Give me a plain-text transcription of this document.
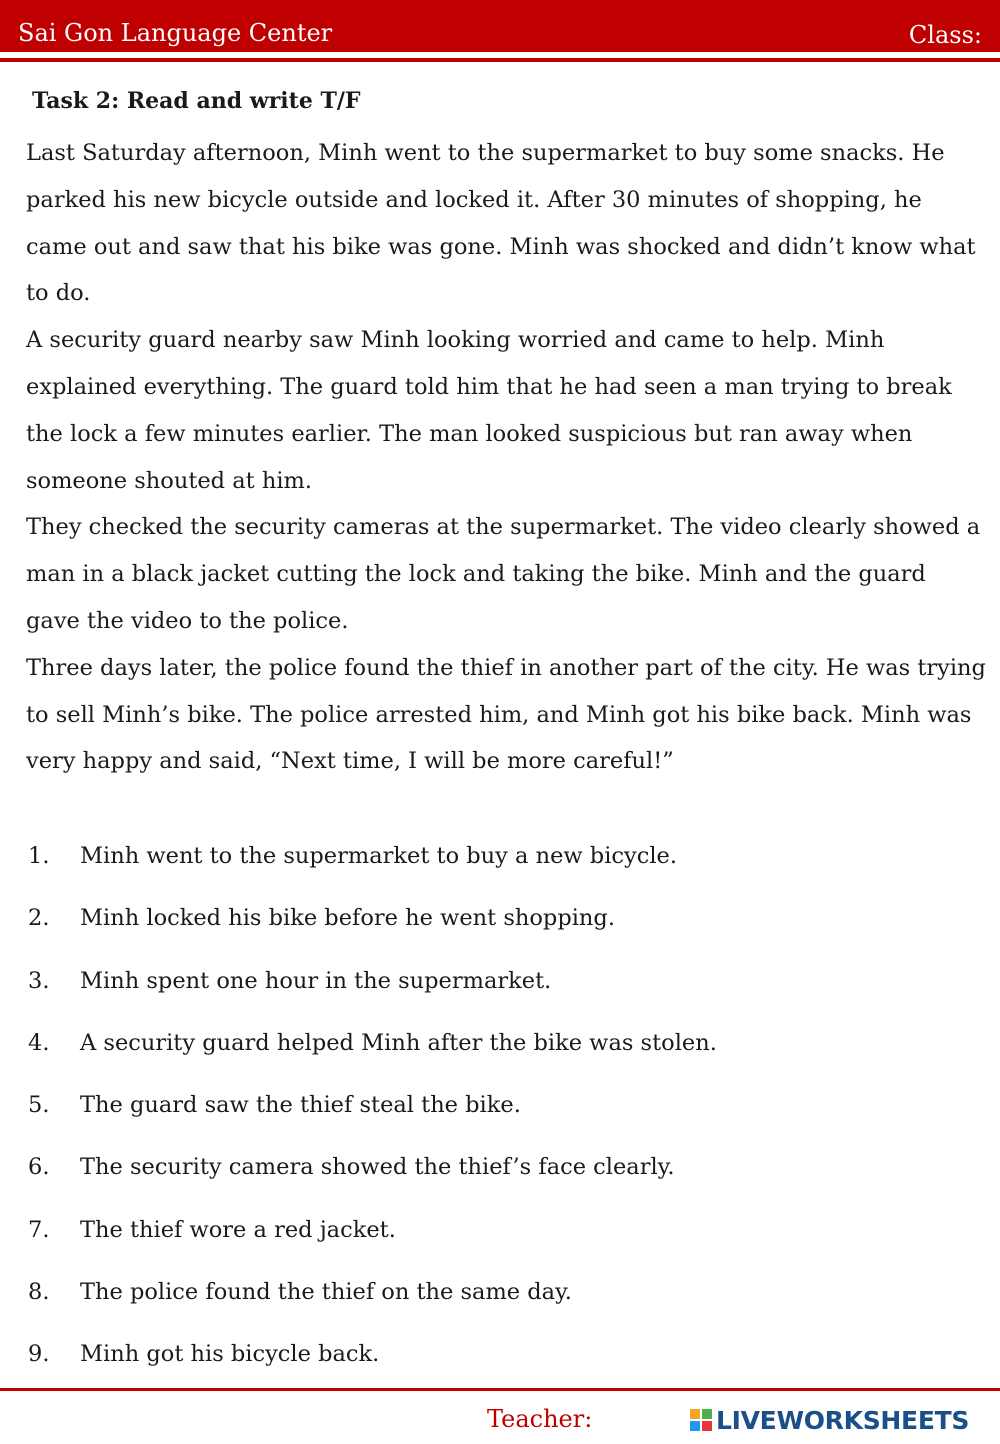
Sai Gon Language Center	Class:
Task 2: Read and write T/F

Last Saturday afternoon, Minh went to the supermarket to buy some snacks. He parked his new bicycle outside and locked it. After 30 minutes of shopping, he came out and saw that his bike was gone. Minh was shocked and didn’t know what to do.

A security guard nearby saw Minh looking worried and came to help. Minh explained everything. The guard told him that he had seen a man trying to break the lock a few minutes earlier. The man looked suspicious but ran away when someone shouted at him.

They checked the security cameras at the supermarket. The video clearly showed a man in a black jacket cutting the lock and taking the bike. Minh and the guard gave the video to the police.

Three days later, the police found the thief in another part of the city. He was trying to sell Minh’s bike. The police arrested him, and Minh got his bike back. Minh was very happy and said, “Next time, I will be more careful!”

1.	Minh went to the supermarket to buy a new bicycle.
2.	Minh locked his bike before he went shopping.
3.	Minh spent one hour in the supermarket.
4.	A security guard helped Minh after the bike was stolen.
5.	The guard saw the thief steal the bike.
6.	The security camera showed the thief’s face clearly.
7.	The thief wore a red jacket.
8.	The police found the thief on the same day.
9.	Minh got his bicycle back.
Teacher:	LIVEWORKSHEETS
